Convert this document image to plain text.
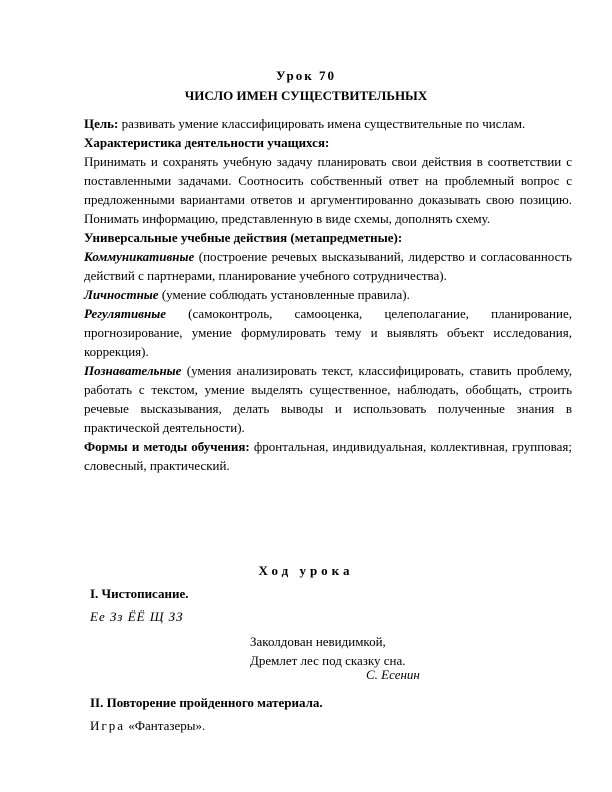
Урок 70
ЧИСЛО ИМЕН СУЩЕСТВИТЕЛЬНЫХ

Цель: развивать умение классифицировать имена существительные по числам.

Характеристика деятельности учащихся:

Принимать и сохранять учебную задачу планировать свои действия в соответствии с поставленными задачами. Соотносить собственный ответ на проблемный вопрос с предложенными вариантами ответов и аргументированно доказывать свою позицию. Понимать информацию, представленную в виде схемы, дополнять схему.

Универсальные учебные действия (метапредметные):

Коммуникативные (построение речевых высказываний, лидерство и согласованность действий с партнерами, планирование учебного сотрудничества).

Личностные (умение соблюдать установленные правила).

Регулятивные (самоконтроль, самооценка, целеполагание, планирование, прогнозирование, умение формулировать тему и выявлять объект исследования, коррекция).

Познавательные (умения анализировать текст, классифицировать, ставить проблему, работать с текстом, умение выделять существенное, наблюдать, обобщать, строить речевые высказывания, делать выводы и использовать полученные знания в практической деятельности).

Формы и методы обучения: фронтальная, индивидуальная, коллективная, групповая; словесный, практический.

Ход урока
I. Чистописание.
Ее Зз ЁЁ Щ ЗЗ
Заколдован невидимкой,
Дремлет лес под сказку сна.
С. Есенин
II. Повторение пройденного материала.
Игра «Фантазеры».
